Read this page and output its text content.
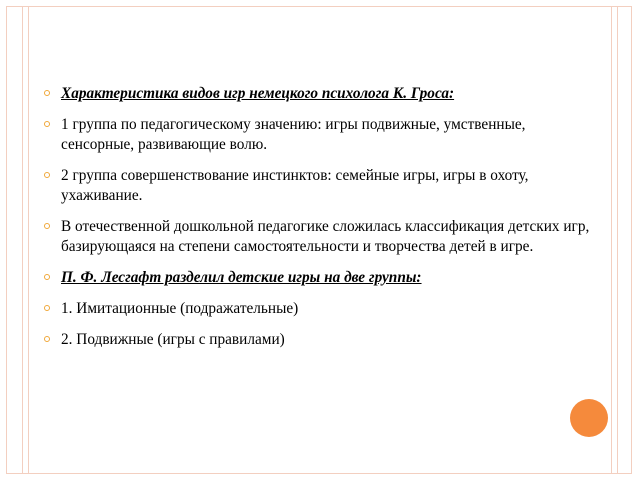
Характеристика видов игр немецкого психолога К. Гроса:
1 группа по педагогическому значению: игры подвижные, умственные, сенсорные, развивающие волю.
2 группа совершенствование инстинктов: семейные игры, игры в охоту, ухаживание.
В отечественной дошкольной педагогике сложилась классификация детских игр, базирующаяся на степени самостоятельности и творчества детей в игре.
П. Ф. Лесгафт разделил детские игры на две группы:
1. Имитационные (подражательные)
2. Подвижные (игры с правилами)
